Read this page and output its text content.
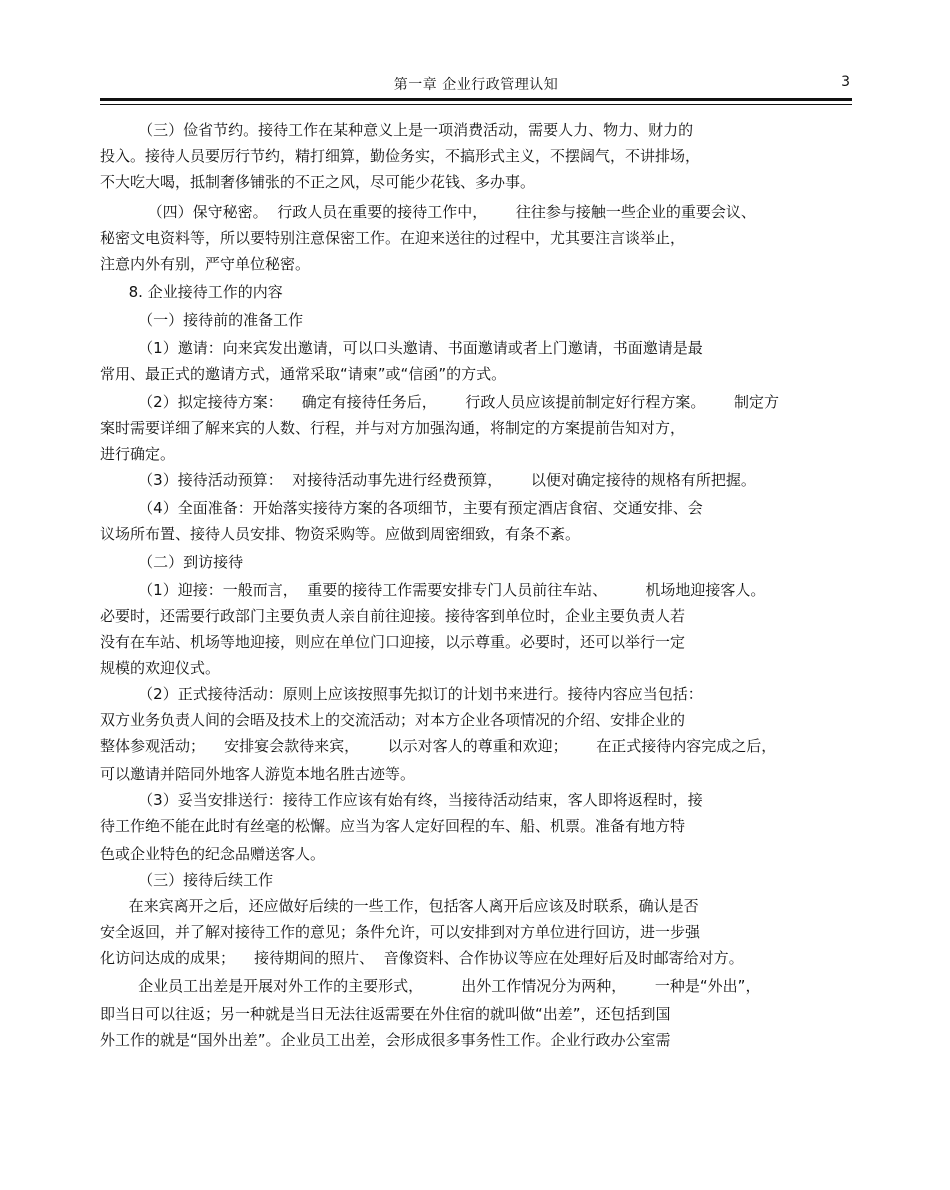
第一章 企业行政管理认知	3
（三）俭省节约。接待工作在某种意义上是一项消费活动，需要人力、物力、财力的
投入。接待人员要厉行节约，精打细算，勤俭务实，不搞形式主义，不摆阔气，不讲排场，
不大吃大喝，抵制奢侈铺张的不正之风，尽可能少花钱、多办事。
（四）保守秘密。  行政人员在重要的接待工作中，      往往参与接触一些企业的重要会议、
秘密文电资料等，所以要特别注意保密工作。在迎来送往的过程中，尤其要注言谈举止，
注意内外有别，严守单位秘密。
8. 企业接待工作的内容
（一）接待前的准备工作
（1）邀请：向来宾发出邀请，可以口头邀请、书面邀请或者上门邀请，书面邀请是最
常用、最正式的邀请方式，通常采取“请柬”或“信函”的方式。
（2）拟定接待方案：    确定有接待任务后，      行政人员应该提前制定好行程方案。      制定方
案时需要详细了解来宾的人数、行程，并与对方加强沟通，将制定的方案提前告知对方，
进行确定。
（3）接待活动预算：  对接待活动事先进行经费预算，      以便对确定接待的规格有所把握。
（4）全面准备：开始落实接待方案的各项细节，主要有预定酒店食宿、交通安排、会
议场所布置、接待人员安排、物资采购等。应做到周密细致，有条不紊。
（二）到访接待
（1）迎接：一般而言，  重要的接待工作需要安排专门人员前往车站、        机场地迎接客人。
必要时，还需要行政部门主要负责人亲自前往迎接。接待客到单位时，企业主要负责人若
没有在车站、机场等地迎接，则应在单位门口迎接，以示尊重。必要时，还可以举行一定
规模的欢迎仪式。
（2）正式接待活动：原则上应该按照事先拟订的计划书来进行。接待内容应当包括：
双方业务负责人间的会晤及技术上的交流活动；对本方企业各项情况的介绍、安排企业的
整体参观活动；    安排宴会款待来宾，      以示对客人的尊重和欢迎；      在正式接待内容完成之后，
可以邀请并陪同外地客人游览本地名胜古迹等。
（3）妥当安排送行：接待工作应该有始有终，当接待活动结束，客人即将返程时，接
待工作绝不能在此时有丝毫的松懈。应当为客人定好回程的车、船、机票。准备有地方特
色或企业特色的纪念品赠送客人。
（三）接待后续工作
在来宾离开之后，还应做好后续的一些工作，包括客人离开后应该及时联系，确认是否
安全返回，并了解对接待工作的意见；条件允许，可以安排到对方单位进行回访，进一步强
化访问达成的成果；    接待期间的照片、  音像资料、合作协议等应在处理好后及时邮寄给对方。
企业员工出差是开展对外工作的主要形式，        出外工作情况分为两种，      一种是“外出”，
即当日可以往返；另一种就是当日无法往返需要在外住宿的就叫做“出差”，还包括到国
外工作的就是“国外出差”。企业员工出差，会形成很多事务性工作。企业行政办公室需
